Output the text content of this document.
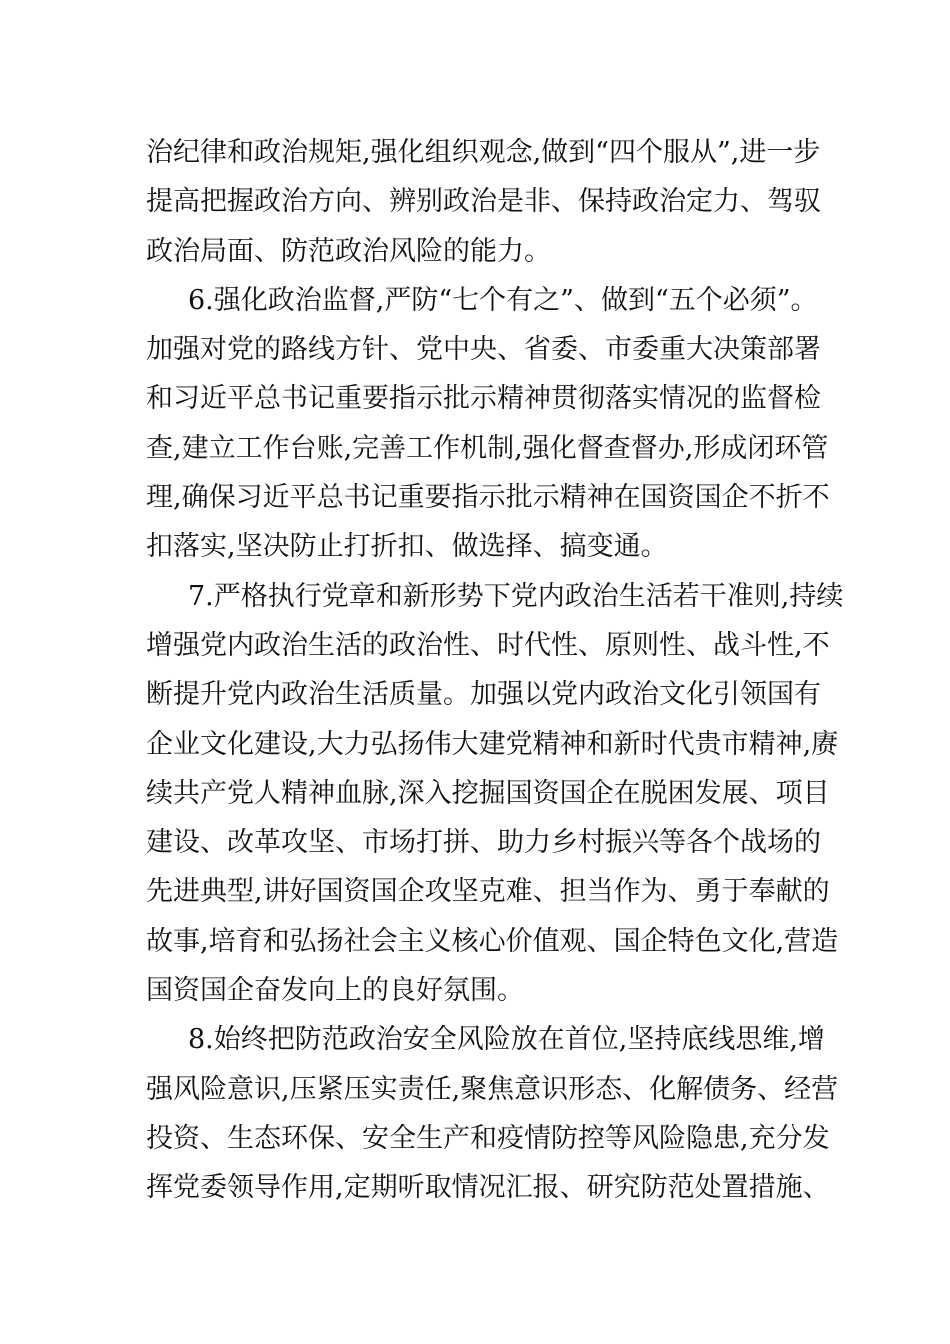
治纪律和政治规矩,强化组织观念,做到“四个服从”,进一步
提高把握政治方向、辨别政治是非、保持政治定力、驾驭
政治局面、防范政治风险的能力。
6.强化政治监督,严防“七个有之”、做到“五个必须”。
加强对党的路线方针、党中央、省委、市委重大决策部署
和习近平总书记重要指示批示精神贯彻落实情况的监督检
查,建立工作台账,完善工作机制,强化督查督办,形成闭环管
理,确保习近平总书记重要指示批示精神在国资国企不折不
扣落实,坚决防止打折扣、做选择、搞变通。
7.严格执行党章和新形势下党内政治生活若干准则,持续
增强党内政治生活的政治性、时代性、原则性、战斗性,不
断提升党内政治生活质量。加强以党内政治文化引领国有
企业文化建设,大力弘扬伟大建党精神和新时代贵市精神,赓
续共产党人精神血脉,深入挖掘国资国企在脱困发展、项目
建设、改革攻坚、市场打拼、助力乡村振兴等各个战场的
先进典型,讲好国资国企攻坚克难、担当作为、勇于奉献的
故事,培育和弘扬社会主义核心价值观、国企特色文化,营造
国资国企奋发向上的良好氛围。
8.始终把防范政治安全风险放在首位,坚持底线思维,增
强风险意识,压紧压实责任,聚焦意识形态、化解债务、经营
投资、生态环保、安全生产和疫情防控等风险隐患,充分发
挥党委领导作用,定期听取情况汇报、研究防范处置措施、
